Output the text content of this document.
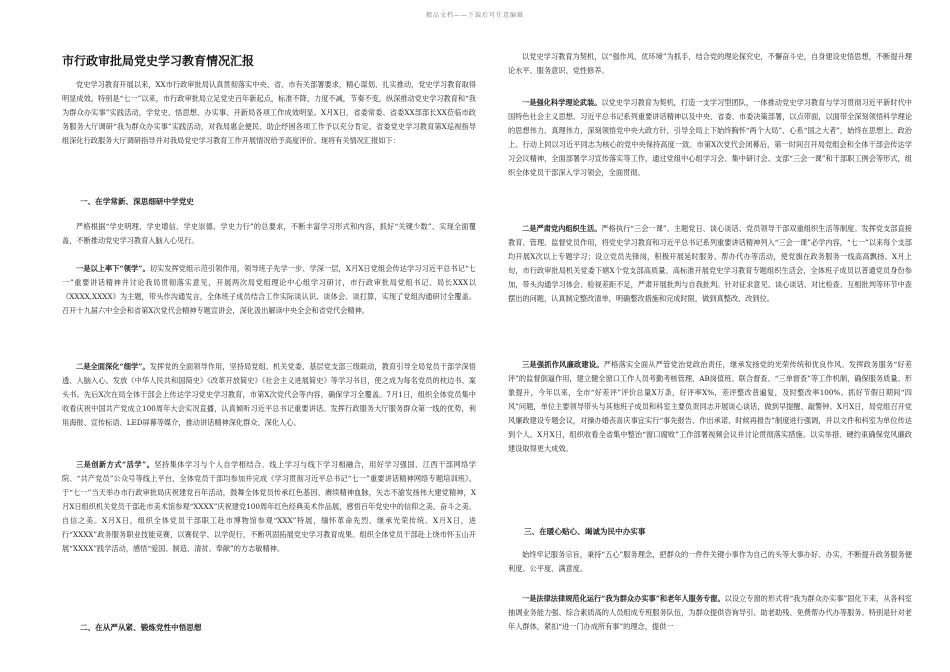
精品文档——下载后可任意编辑
市行政审批局党史学习教育情况汇报

党史学习教育开展以来，XX市行政审批局认真贯彻落实中央、省、市有关部署要求，精心谋划、扎实推动，党史学习教育取得明显成效。特别是“七一”以来，市行政审批局立足党史百年新起点，标准不降，力度不减，节奏不变，纵深推动党史学习教育和“我为群众办实事”实践活动，学党史、悟思想、办实事、开新局各项工作成效明显。X月X日，省委常委、省委XX部部长XX莅临市政务服务大厅调研“我为群众办实事”实践活动，对我局惠企便民、助企纾困各项工作予以充分肯定。省委党史学习教育第X巡视指导组深化行政服务大厅调研指导并对我局党史学习教育工作开展情况给予高度评价。现将有关情况汇报如下：

一、在学常新、深思细研中学党史

严格根据“学史明理、学史增信、学史崇德、学史力行”的总要求，不断丰富学习形式和内容，抓好“关键少数”、实现全面覆盖，不断推动党史学习教育入脑入心见行。

一是以上率下“领学”。切实发挥党组示范引领作用，领导班子先学一步、学深一层，X月X日党组会传达学习习近平总书记“七一”重要讲话精神并讨论我局贯彻落实意见，开展两次局党组理论中心组学习研讨，市行政审批局党组书记、局长XXX以《XXXX,XXXX》为主题，带头作沟通发言，全体班子成员结合工作实际谈认识、谈体会、谈打算，实现了党组沟通研讨全覆盖。召开十九届六中全会和省第X次党代会精神专题宣讲会，深化汲出解读中央全会和省党代会精神。

二是全面深化“细学”。发挥党的全面领导作用，坚持局党组、机关党委、基层党支部三级联动，教育引导全局党员干部学深悟透、入脑入心。发放《中华人民共和国简史》《改革开放简史》《社会主义进展简史》等学习书目，使之成为每名党员的枕边书、案头书。先后X次在局全体干部会上传达学习党史学习教育，市第X次党代会等内容，确保学习全覆盖。7月1日，组织全体党员集中收看庆祝中国共产党成立100周年大会实况直播，认真倾听习近平总书记重要讲话。发挥行政服务大厅服务群众第一线的优势，利用海报、宣传标语、LED屏幕等媒介，推动讲话精神深化群众、深化人心。

三是创新方式“活学”。坚持集体学习与个人自学相结合、线上学习与线下学习相融合，用好学习强国、江西干部网络学院、“共产党员”公众号等线上平台，全体党员干部均参加并完成《学习贯彻习近平总书记“七一”重要讲话精神网络专题培训班》。于“七一”当天举办市行政审批局庆祝建党百年活动，鼓舞全体党员传承红色基因、赓续精神血脉，矢志不渝发扬伟大建党精神，X月X日组织机关党员干部赴市美术馆参观“XXXX”庆祝建党100周年红色经典美术作品展，感悟百年党史中的信仰之美、奋斗之美、自信之美。X月X日，组织全体党员干部职工赴市博物馆参观“XXX”特展，缅怀革命先烈、继承光荣传统。X月X日，进行“XXXX”政务服务职业技能竞赛，以赛促学、以学促行，不断巩固拓展党史学习教育成果。组织全体党员干部赴上饶市怀玉山开展“XXXX”践学活动，感悟“爱国、制造、清贫、奉献”的方志敏精神。

二、在从严从紧、锻炼党性中悟思想

以党史学习教育为契机，以“强作风、优环境”为抓手，结合党的理论探究史，不懈奋斗史，自身建设史悟思想，不断提升理论水平、服务意识、党性修养。

一是强化科学理论武装。以党史学习教育为契机，打造一支学习型团队，一体推动党史学习教育与学习贯彻习近平新时代中国特色社会主义思想、习近平总书记系列重要讲话精神以及中央、省委、市委决策部署，以点带面，以面带全深刻领悟科学理论的思想伟力、真理伟力，深刻领悟党中央大政方针，引导全局上下始终胸怀“两个大局”、心系“国之大者”，始终在思想上、政治上、行动上同以习近平同志为核心的党中央保持高度一致。市第X次党代会闭幕后，第一时间召开局党组会和全体干部会传达学习会议精神，全面部署学习宣传落实等工作，通过党组中心组学习会、集中研讨会、支部“三会一课”和干部职工例会等形式，组织全体党员干部深入学习领会，全面贯彻。

二是严肃党内组织生活。严格执行“三会一课”、主题党日、谈心谈话、党员领导干部双重组织生活等制度。发挥党支部直接教育、管理、监督党员作用，将党史学习教育和习近平总书记系列重要讲话精神列入“三会一课”必学内容，“七一”以来每个支部均开展X次以上专题学习；设立党员先锋岗，积极开展延时服务、帮办代办等活动，使党旗在政务服务一线高高飘扬。X月上旬，市行政审批局机关党委下辖X个党支部高质量、高标准开展党史学习教育专题组织生活会，全体班子成员以普通党员身份参加，带头沟通学习体会、检视差距不足，严肃开展批判与自我批判。针对征求意见、谈心谈话、对比检查、互相批判等环节中查摆出的问题，认真制定整改清单，明确整改措施和完成时限，做到真整改、改到位。

三是强抓作风廉政建设。严格落实全面从严管党治党政治责任，继承发扬党的光荣传统和优良作风。发挥政务服务“好差评”的监督倒逼作用，建立健全窗口工作人员考勤考核管理、AB岗值班、联合督查、“三单督查”等工作机制，确保服务质量、形象提升，今年以来，全市“好差评”评价总量X万条，好评率X%，差评整改普遍复，及时整改率100%。抓好节假日期间“四风”问题，单位主要领导带头与其他班子成员和科室主要负责同志开展谈心谈话，做到早提醒、敲警钟。X月X日，局党组召开党风廉政建设专题会议，对操办婚丧喜庆事宜实行“事先报告、作出承诺、时候再报告”制度进行强调，并以文件和科室为单位传达到个人。X月X日，组织收看全省集中整治“窗口腐败”工作部署视频会议并讨论贯彻落实措施。以实举措、硬约束确保党风廉政建设取得更大成效。

三、在暖心贴心、竭诚为民中办实事

始终牢记服务宗旨，秉持“五心”服务理念，把群众的一件件关键小事作为自己的头等大事办好、办实，不断提升政务服务便利度、公平度、满意度。

一是法律法律规范化运行“我为群众办实事”和老年人服务专窗。以设立专窗的形式将“我为群众办实事”固化下来，从各科室抽调业务能力强、综合素质高的人员组成专班服务队伍，为群众提供咨询导引、助老助残、免费帮办代办等服务。特别是针对老年人群体，紧扣“进一门办成所有事”的理念，提供一
